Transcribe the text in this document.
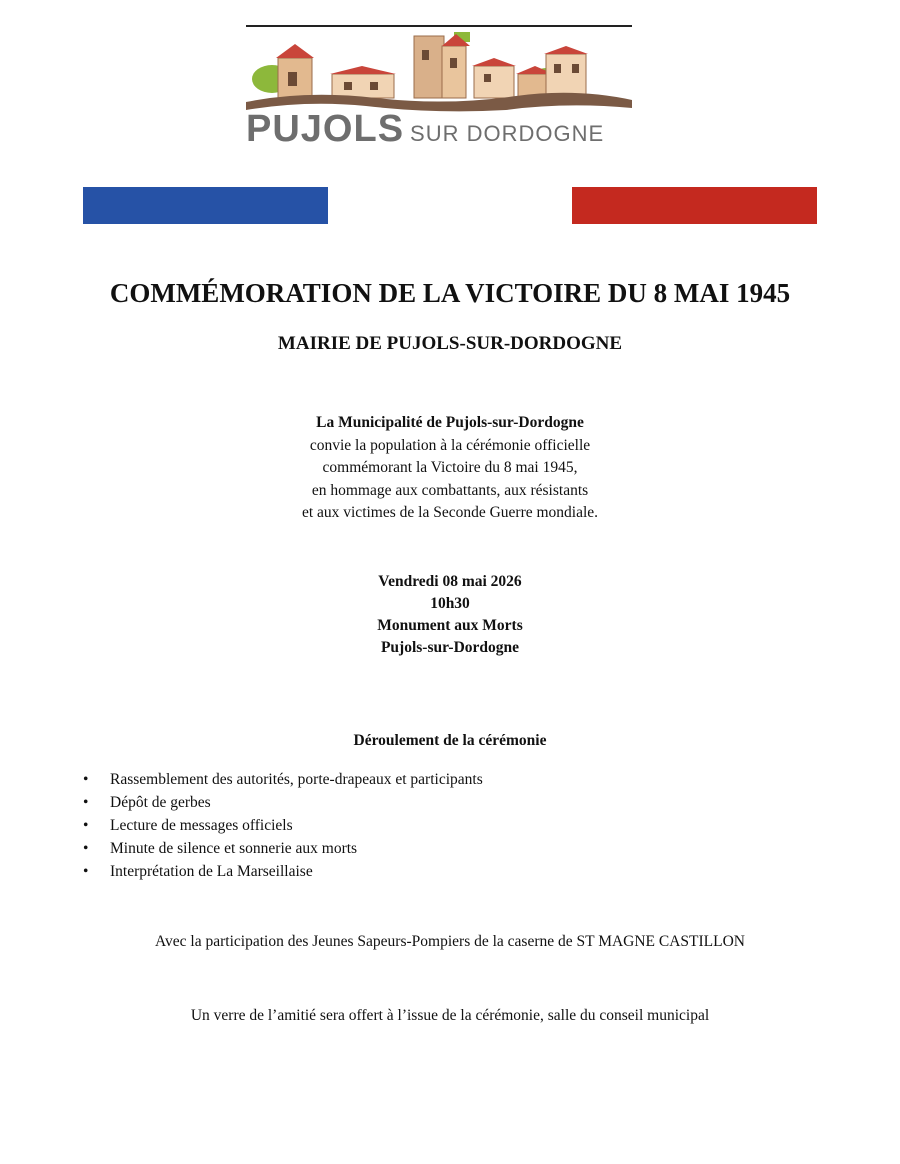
PUJOLS SUR DORDOGNE
COMMÉMORATION DE LA VICTOIRE DU 8 MAI 1945
MAIRIE DE PUJOLS-SUR-DORDOGNE
La Municipalité de Pujols-sur-Dordogne
convie la population à la cérémonie officielle
commémorant la Victoire du 8 mai 1945,
en hommage aux combattants, aux résistants
et aux victimes de la Seconde Guerre mondiale.
Vendredi 08 mai 2026
10h30
Monument aux Morts
Pujols-sur-Dordogne
Déroulement de la cérémonie
• Rassemblement des autorités, porte-drapeaux et participants
• Dépôt de gerbes
• Lecture de messages officiels
• Minute de silence et sonnerie aux morts
• Interprétation de La Marseillaise
Avec la participation des Jeunes Sapeurs-Pompiers de la caserne de ST MAGNE CASTILLON
Un verre de l’amitié sera offert à l’issue de la cérémonie, salle du conseil municipal
